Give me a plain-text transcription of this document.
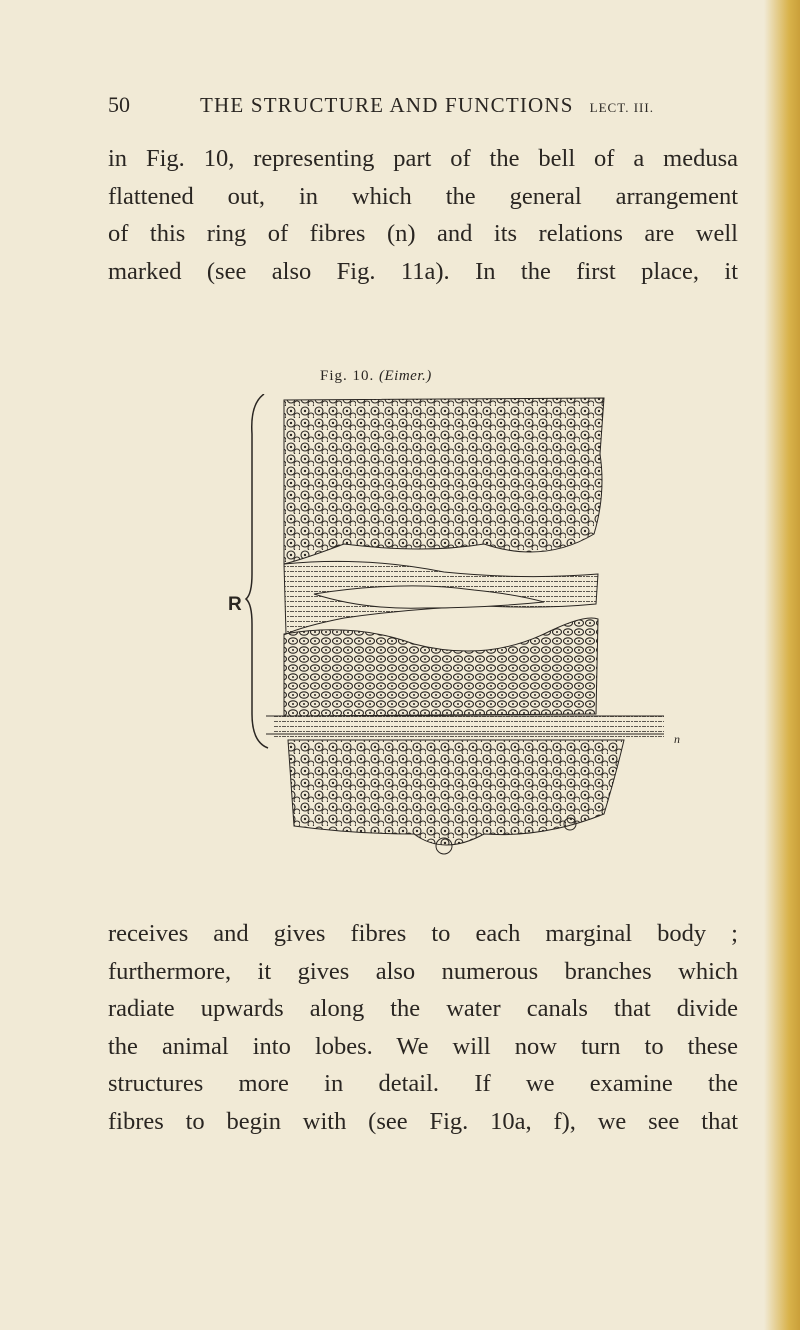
50	THE STRUCTURE AND FUNCTIONS LECT. III.
in Fig. 10, representing part of the bell of a medusa
flattened out, in which the general arrangement
of this ring of fibres (n) and its relations are well
marked (see also Fig. 11a). In the first place, it
Fig. 10. (Eimer.)
R
n
receives and gives fibres to each marginal body ;
furthermore, it gives also numerous branches which
radiate upwards along the water canals that divide
the animal into lobes. We will now turn to these
structures more in detail. If we examine the
fibres to begin with (see Fig. 10a, f), we see that
